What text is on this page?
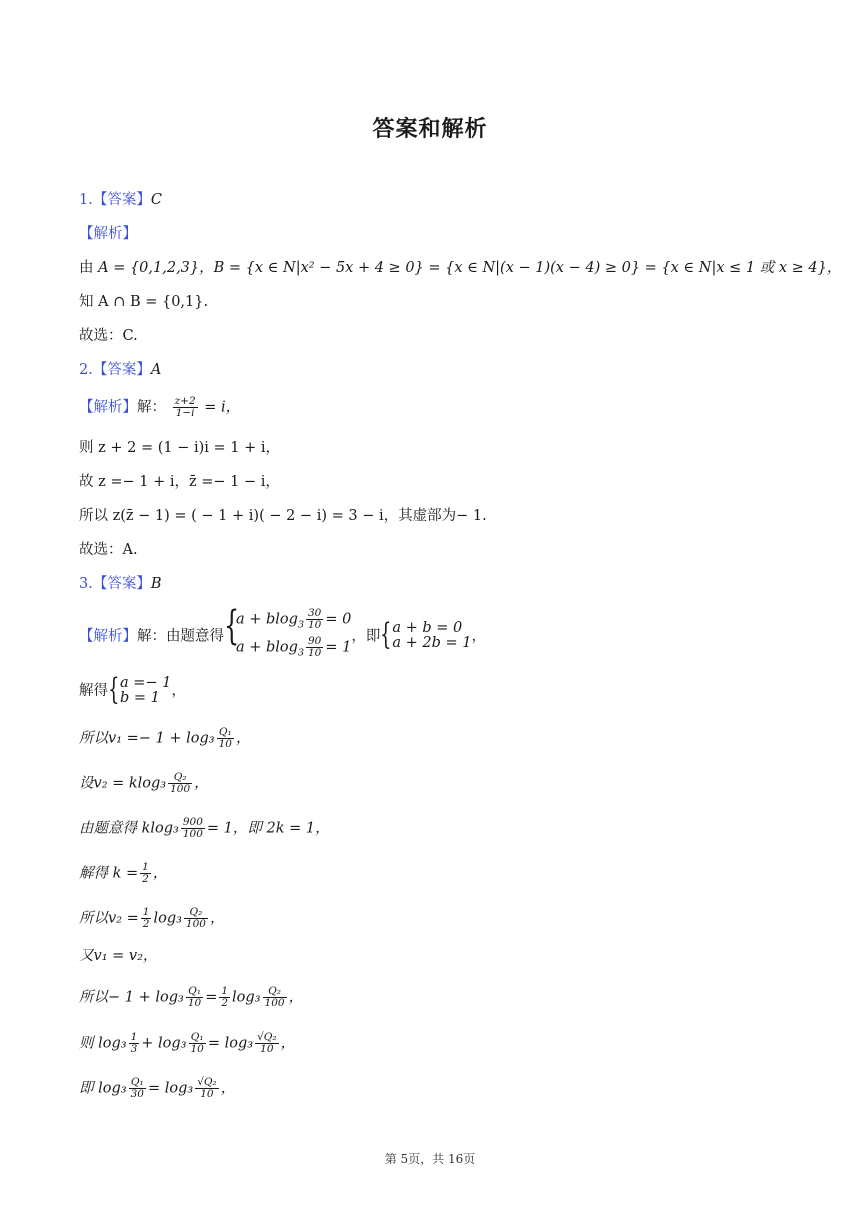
答案和解析
1.【答案】C
【解析】
由 A = {0,1,2,3}，B = {x ∈ N|x² − 5x + 4 ≥ 0} = {x ∈ N|(x − 1)(x − 4) ≥ 0} = {x ∈ N|x ≤ 1 或 x ≥ 4}，
知 A ∩ B = {0,1}.
故选：C.
2.【答案】A
【解析】解： $\frac{z+2}{1-i} = i$，
则 z + 2 = (1 − i)i = 1 + i，
故 z =− 1 + i，z̄ =− 1 − i，
所以 z(z̄ − 1) = ( − 1 + i)( − 2 − i) = 3 − i，其虚部为− 1.
故选：A.
3.【答案】B
【解析】解：由题意得 {
$a + blog_3 \frac{30}{10} = 0$
$a + blog_3 \frac{90}{10} = 1$
，即 { a + b = 0
a + 2b = 1 ，
解得 { a =− 1
b = 1 ，
所以$v_1 =- 1 + \log_3 \frac{\text{Q₁}}{10}$ ，
设$v_2 = klog_3 \frac{\text{Q₂}}{100}$ ，
由题意得 $klog_3 \frac{900}{100} = 1$，即 2k = 1，
解得 $k = \frac{1}{2}$ ，
所以$v_2 = \frac{1}{2} \log_3 \frac{\text{Q₂}}{100}$ ，
又v₁ = v₂，
所以− $1 + \log_3 \frac{\text{Q₁}}{10} = \frac{1}{2} \log_3 \frac{\text{Q₂}}{100}$ ，
则 $\log_3 \frac{1}{3} + \log_3 \frac{\text{Q₁}}{10} = \log_3 \frac{\text{√Q₂}}{10}$ ，
即 $\log_3 \frac{\text{Q₁}}{30} = \log_3 \frac{\text{√Q₂}}{10}$ ，
第 5页，共 16页
